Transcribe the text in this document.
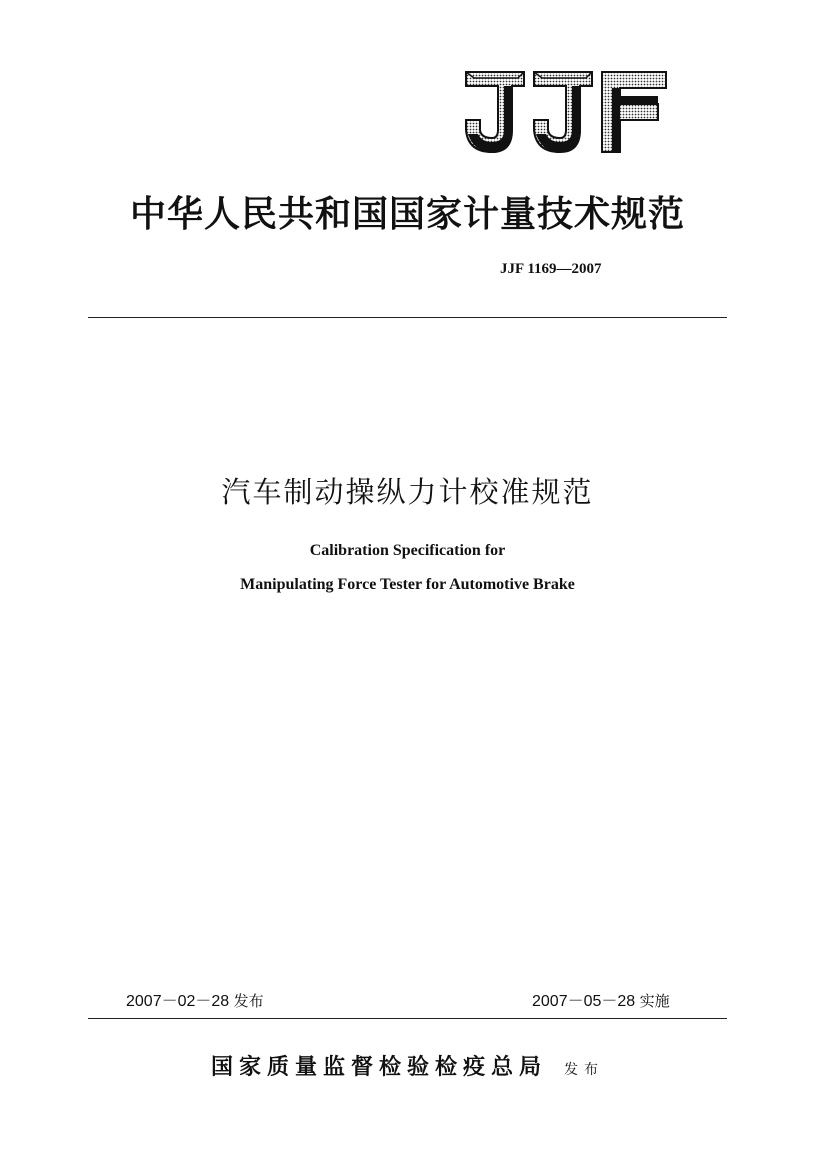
中华人民共和国国家计量技术规范
JJF 1169—2007
汽车制动操纵力计校准规范
Calibration Specification for
Manipulating Force Tester for Automotive Brake
2007－02－28 发布	2007－05－28 实施
国家质量监督检验检疫总局 发布
